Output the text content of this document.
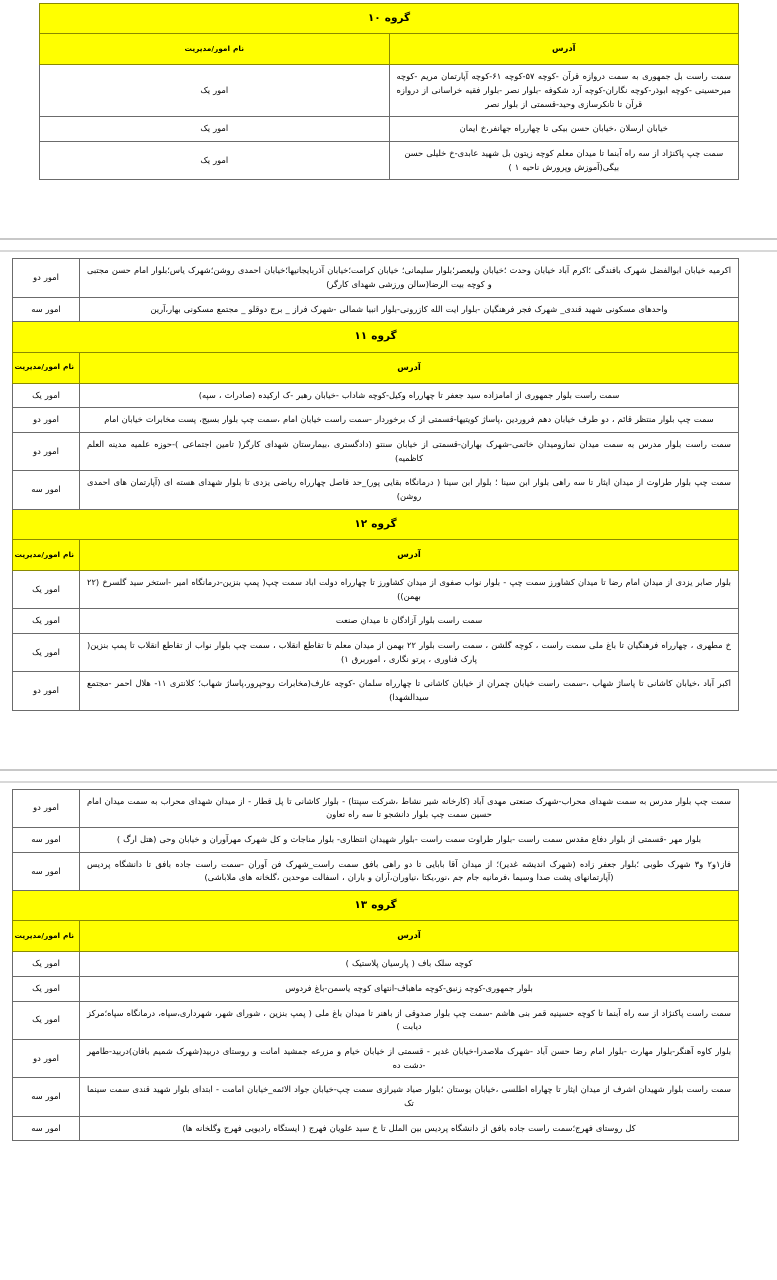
گروه ۱۰	
آدرس	نام امور/مدیریت
سمت راست بل جمهوری به سمت دروازه قرآن -کوچه ۵۷-کوچه ۶۱-کوچه آپارتمان مریم -کوچه میرحسینی -کوچه ابوذر-کوچه نگاران-کوچه آرد شکوفه -بلوار نصر -بلوار فقیه خراسانی از دروازه قرآن تا تانکرسازی وحید-قسمتی از بلوار نصر	امور یک
خیابان ارسلان ،خیابان حسن بیکی تا چهارراه جهانفر،خ ایمان	امور یک
سمت چپ پاکنژاد از سه راه آبنما تا میدان معلم کوچه زیتون بل شهید عابدی-خ خلیلی حسن بیگی(آموزش وپرورش ناحیه ۱ )	امور یک
اکرمیه خیابان ابوالفضل شهرک بافندگی ؛اکرم آباد خیابان وحدت ؛خیابان ولیعصر؛بلوار سلیمانی؛ خیابان کرامت؛خیابان آذربایجانیها؛خیابان احمدی روشن؛شهرک یاس؛بلوار امام حسن مجتبی و کوچه بیت الرضا(سالن ورزشی شهدای کارگر)	امور دو
واحدهای مسکونی شهید قندی_ شهرک فجر فرهنگیان -بلوار ایت الله کازرونی-بلوار انبیا شمالی -شهرک فراز _ برج دوقلو _ مجتمع مسکونی بهار،آرین	امور سه
گروه ۱۱	
آدرس	نام امور/مدیریت
سمت راست بلوار جمهوری از امامزاده سید جعفر تا چهارراه وکیل-کوچه شاداب -خیابان رهبر -ک ارکیده (صادرات ، سپه)	امور یک
سمت چپ بلوار منتظر قائم ، دو طرف خیابان دهم فروردین ،پاساژ کویتیها-قسمتی از ک برخوردار -سمت راست خیابان امام ،سمت چپ بلوار بسیج، پست مخابرات خیابان امام	امور دو
سمت راست بلوار مدرس به سمت میدان نمازومیدان خاتمی-شهرک بهاران-قسمتی از خیابان سنتو (دادگستری ،بیمارستان شهدای کارگر( تامین اجتماعی )-حوزه علمیه مدینه العلم کاظمیه)	امور دو
سمت چپ بلوار طراوت از میدان ایثار تا سه راهی بلوار ابن سینا ؛ بلوار ابن سینا ( درمانگاه بقایی پور)_حد فاصل چهارراه ریاضی یزدی تا بلوار شهدای هسته ای (آپارتمان های احمدی روشن)	امور سه
گروه ۱۲	
آدرس	نام امور/مدیریت
بلوار صابر یزدی از میدان امام رضا تا میدان کشاورز سمت چپ - بلوار نواب صفوی از میدان کشاورز تا چهارراه دولت اباد سمت چپ( پمپ بنزین-درمانگاه امیر -استخر سید گلسرخ (۲۲ بهمن))	امور یک
سمت راست بلوار آزادگان تا میدان صنعت	امور یک
خ مطهری ، چهارراه فرهنگیان تا باغ ملی سمت راست ، کوچه گلشن ، سمت راست بلوار ۲۲ بهمن از میدان معلم تا تقاطع انقلاب ، سمت چپ بلوار نواب از تقاطع انقلاب تا پمپ بنزین( پارک فناوری ، پرتو نگاری ، اموربرق ۱)	امور یک
اکبر آباد ،خیابان کاشانی تا پاساژ شهاب ،-سمت راست خیابان چمران از خیابان کاشانی تا چهارراه سلمان -کوچه عارف(مخابرات روحپرور،پاساژ شهاب؛ کلانتری ۱۱- هلال احمر -مجتمع سیدالشهدا)	امور دو
سمت چپ بلوار مدرس به سمت شهدای محراب-شهرک صنعتی مهدی آباد (کارخانه شیر نشاط ،شرکت سپنتا) - بلوار کاشانی تا پل قطار - از میدان شهدای محراب به سمت میدان امام حسین سمت چپ بلوار دانشجو تا سه راه تعاون	امور دو
بلوار مهر -قسمتی از بلوار دفاع مقدس سمت راست -بلوار طراوت سمت راست -بلوار شهیدان انتظاری- بلوار مناجات و کل شهرک مهرآوران و خیابان وحی (هتل ارگ )	امور سه
فاز۱و۲ و۳ شهرک طوبی ؛بلوار جعفر زاده (شهرک اندیشه غدیر)؛ از میدان آقا بابایی تا دو راهی بافق سمت راست_شهرک فن آوران -سمت راست جاده بافق تا دانشگاه پردیس (آپارتمانهای پشت صدا وسیما ،فرمانیه جام جم ،نور،یکتا ،نیاوران،آران و باران ، اسفالت موحدین ،گلخانه های ملاباشی)	امور سه
گروه ۱۳	
آدرس	نام امور/مدیریت
کوچه سلک باف ( پارسیان پلاستیک )	امور یک
بلوار جمهوری-کوچه زنبق-کوچه ماهباف-انتهای کوچه یاسمن-باغ فردوس	امور یک
سمت راست پاکنژاد از سه راه آبنما تا کوچه حسینیه قمر بنی هاشم -سمت چپ بلوار صدوقی از باهنر تا میدان باغ ملی ( پمپ بنزین ، شورای شهر، شهرداری،سپاه، درمانگاه سپاه؛مرکز دیابت )	امور یک
بلوار کاوه آهنگر-بلوار مهارت -بلوار امام رضا حسن آباد -شهرک ملاصدرا-خیابان غدیر - قسمتی از خیابان خیام و مزرعه جمشید امانت و روستای دربید(شهرک شمیم بافان)دربید-طامهر -دشت ده	امور دو
سمت راست بلوار شهیدان اشرف از میدان ایثار تا چهاراه اطلسی ،خیابان بوستان ؛بلوار صیاد شیرازی سمت چپ-خیابان جواد الائمه_خیابان امامت - ابتدای بلوار شهید قندی سمت سینما تک	امور سه
کل روستای فهرج؛سمت راست جاده بافق از دانشگاه پردیس بین الملل تا خ سید علویان فهرج ( ایستگاه رادیویی فهرج وگلخانه ها)	امور سه
